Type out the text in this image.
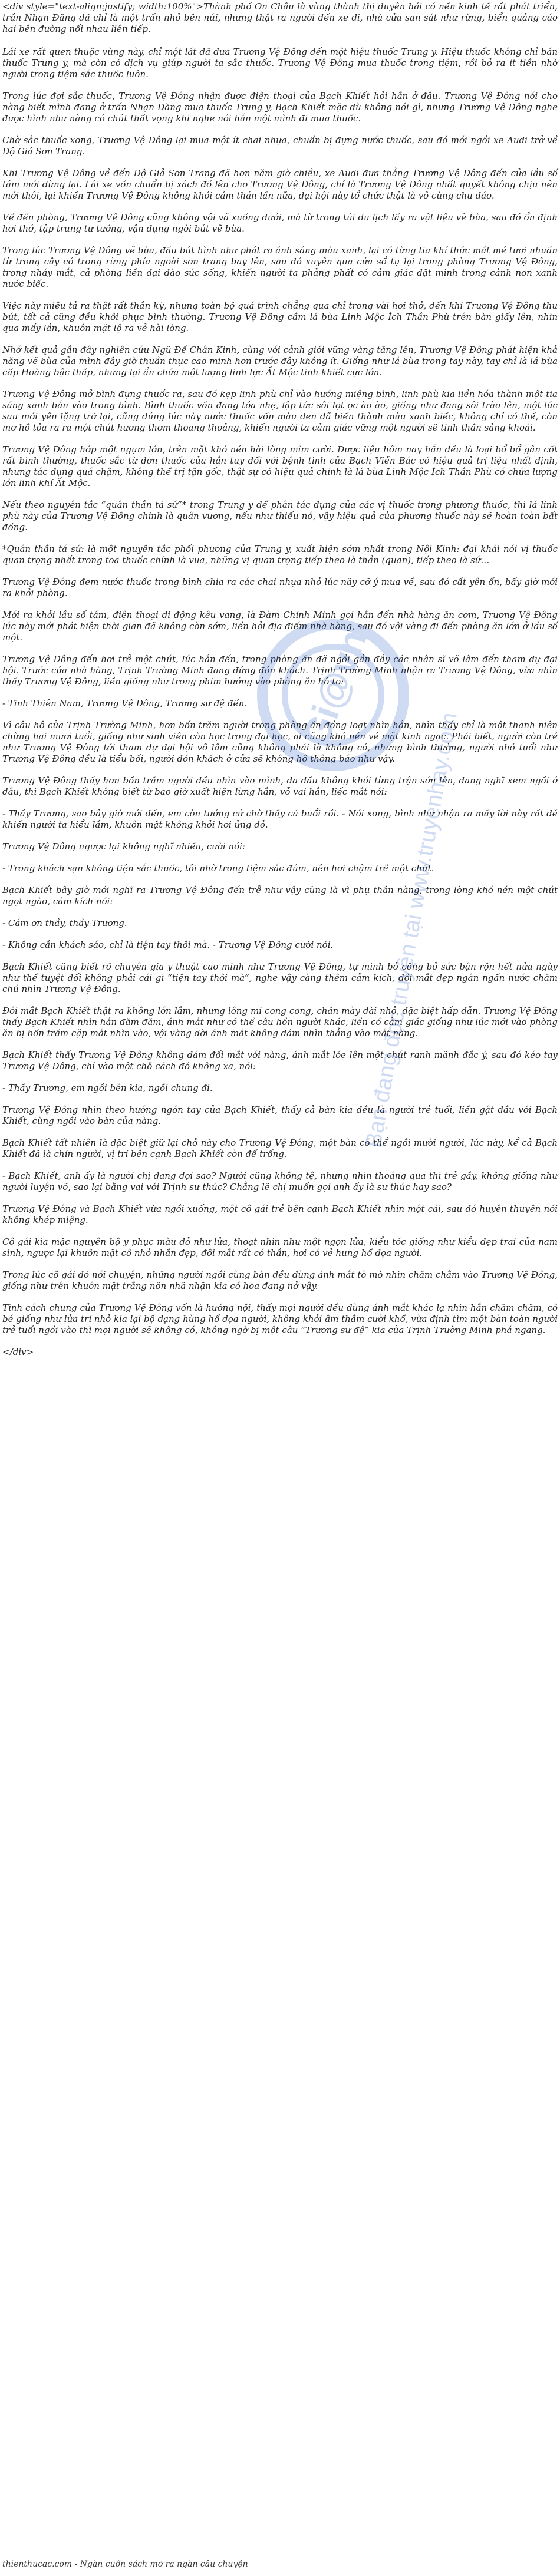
<div style="text-align:justify; width:100%">Thành phố On Châu là vùng thành thị duyên hải có nền kinh tế rất phát triển, trần Nhạn Đăng đã chỉ là một trấn nhỏ bên núi, nhưng thật ra người đến xe đi, nhà cửa san sát như rừng, biển quảng cáo hai bên đường nối nhau liên tiếp.

Lái xe rất quen thuộc vùng này, chỉ một lát đã đưa Trương Vệ Đông đến một hiệu thuốc Trung y. Hiệu thuốc không chỉ bán thuốc Trung y, mà còn có dịch vụ giúp người ta sắc thuốc. Trương Vệ Đông mua thuốc trong tiệm, rồi bỏ ra ít tiền nhờ người trong tiệm sắc thuốc luôn.

Trong lúc đợi sắc thuốc, Trương Vệ Đông nhận được điện thoại của Bạch Khiết hỏi hắn ở đâu. Trương Vệ Đông nói cho nàng biết mình đang ở trấn Nhạn Đăng mua thuốc Trung y, Bạch Khiết mặc dù không nói gì, nhưng Trương Vệ Đông nghe được hình như nàng có chút thất vọng khi nghe nói hắn một mình đi mua thuốc.

Chờ sắc thuốc xong, Trương Vệ Đông lại mua một ít chai nhựa, chuẩn bị đựng nước thuốc, sau đó mới ngồi xe Audi trở về Độ Giả Sơn Trang.

Khi Trương Vệ Đông về đến Độ Giả Sơn Trang đã hơn năm giờ chiều, xe Audi đưa thẳng Trương Vệ Đông đến cửa lầu số tám mới dừng lại. Lái xe vốn chuẩn bị xách đồ lên cho Trương Vệ Đông, chỉ là Trương Vệ Đông nhất quyết không chịu nên mới thôi, lại khiến Trương Vệ Đông không khỏi cảm thán lần nữa, đại hội này tổ chức thật là vô cùng chu đáo.

Về đến phòng, Trương Vệ Đông cũng không vội vã xuống dưới, mà từ trong túi du lịch lấy ra vật liệu vẽ bùa, sau đó ổn định hơi thở, tập trung tư tưởng, vận dụng ngòi bút vẽ bùa.

Trong lúc Trương Vệ Đông vẽ bùa, đầu bút hình như phát ra ánh sáng màu xanh, lại có từng tia khí thức mát mẻ tươi nhuần từ trong cây có trong rừng phía ngoài sơn trang bay lên, sau đó xuyên qua cửa sổ tụ lại trong phòng Trương Vệ Đông, trong nháy mắt, cả phòng liền đại đào sức sống, khiến người ta phảng phất có cảm giác đặt mình trong cảnh non xanh nước biếc.

Việc này miêu tả ra thật rất thần kỳ, nhưng toàn bộ quá trình chẳng qua chỉ trong vài hơi thở, đến khi Trương Vệ Đông thu bút, tất cả cũng đều khôi phục bình thường. Trương Vệ Đông cầm lá bùa Linh Mộc Ích Thần Phù trên bàn giấy lên, nhìn qua mấy lần, khuôn mặt lộ ra vẻ hài lòng.

Nhớ kết quả gần đây nghiên cứu Ngũ Đế Chân Kinh, cùng với cảnh giới vững vàng tăng lên, Trương Vệ Đông phát hiện khả năng vẽ bùa của mình đây giờ thuần thục cao minh hơn trước đây không ít. Giống như lá bùa trong tay này, tay chỉ là lá bùa cấp Hoàng bậc thấp, nhưng lại ẩn chứa một lượng linh lực Ất Mộc tinh khiết cực lớn.

Trương Vệ Đông mở bình đựng thuốc ra, sau đó kẹp linh phù chỉ vào hướng miệng bình, linh phù kia liền hóa thành một tia sáng xanh bắn vào trong bình. Bình thuốc vốn đang tỏa nhẹ, lập tức sôi lọt ọc ào ào, giống như đang sôi trào lên, một lúc sau mới yên lặng trở lại, cũng đúng lúc này nước thuốc vốn màu đen đã biến thành màu xanh biếc, không chỉ có thế, còn mơ hồ tỏa ra ra một chút hương thơm thoang thoảng, khiến người ta cảm giác vững một người sẽ tinh thần sảng khoái.

Trương Vệ Đông hớp một ngụm lớn, trên mặt khó nén hài lòng mỉm cười. Được liệu hôm nay hắn đều là loại bổ bổ gân cốt rất bình thường, thuốc sắc từ đơn thuốc của hắn tuy đối với bệnh tình của Bạch Viễn Bác có hiệu quả trị liệu nhất định, nhưng tác dụng quá chậm, không thể trị tận gốc, thật sự có hiệu quả chính là lá bùa Linh Mộc Ích Thần Phù có chứa lượng lớn linh khí Ất Mộc.

Nếu theo nguyên tắc “quân thần tá sứ”* trong Trung y để phân tác dụng của các vị thuốc trong phương thuốc, thì lá linh phù này của Trương Vệ Đông chính là quân vương, nếu như thiếu nó, vậy hiệu quả của phương thuốc này sẽ hoàn toàn bất đồng.

*Quân thần tá sứ: là một nguyên tắc phối phương của Trung y, xuất hiện sớm nhất trong Nội Kinh: đại khái nói vị thuốc quan trọng nhất trong toa thuốc chính là vua, những vị quan trọng tiếp theo là thần (quan), tiếp theo là sứ…

Trương Vệ Đông đem nước thuốc trong bình chia ra các chai nhựa nhỏ lúc nãy cỡ ý mua về, sau đó cất yên ổn, bấy giờ mới ra khỏi phòng.

Mới ra khỏi lầu số tám, điện thoại di động kêu vang, là Đàm Chính Minh gọi hắn đến nhà hàng ăn cơm, Trương Vệ Đông lúc này mới phát hiện thời gian đã không còn sớm, liền hỏi địa điểm nhà hàng, sau đó vội vàng đi đến phòng ăn lớn ở lầu số một.

Trương Vệ Đông đến hơi trễ một chút, lúc hắn đến, trong phòng ăn đã ngồi gần đầy các nhân sĩ võ lâm đến tham dự đại hội. Trước cửa nhà hàng, Trịnh Trường Minh đang đứng đón khách. Trịnh Trường Minh nhận ra Trương Vệ Đông, vừa nhìn thấy Trương Vệ Đông, liền giống như trong phim hướng vào phòng ăn hô to:

- Tinh Thiên Nam, Trương Vệ Đông, Trương sư đệ đến.

Vì câu hô của Trịnh Trường Minh, hơn bốn trăm người trong phòng ăn đồng loạt nhìn hắn, nhìn thấy chỉ là một thanh niên chừng hai mươi tuổi, giống như sinh viên còn học trong đại học, ai cũng khó nén vẻ mặt kinh ngạc. Phải biết, người còn trẻ như Trương Vệ Đông tới tham dự đại hội võ lâm cũng không phải là không có, nhưng bình thường, người nhỏ tuổi như Trương Vệ Đông đều là tiểu bối, người đón khách ở cửa sẽ không hô thông báo như vậy.

Trương Vệ Đông thấy hơn bốn trăm người đều nhìn vào mình, da đầu không khỏi từng trận sởn lên, đang nghĩ xem ngồi ở đâu, thì Bạch Khiết không biết từ bao giờ xuất hiện lừng hắn, vỗ vai hắn, liếc mắt nói:

- Thầy Trương, sao bây giờ mới đến, em còn tưởng cứ chờ thầy cả buổi rồi. - Nói xong, bình như nhận ra mấy lời này rất dễ khiến người ta hiểu lầm, khuôn mặt không khỏi hơi ửng đỏ.

Trương Vệ Đông ngược lại không nghĩ nhiều, cười nói:

- Trong khách sạn không tiện sắc thuốc, tôi nhờ trong tiệm sắc đúm, nên hơi chậm trễ một chút.

Bạch Khiết bây giờ mới nghĩ ra Trương Vệ Đông đến trễ như vậy cũng là vì phụ thân nàng, trong lòng khó nén một chút ngọt ngào, cảm kích nói:

- Cám ơn thầy, thầy Trương.

- Không cần khách sáo, chỉ là tiện tay thôi mà. - Trương Vệ Đông cười nói.

Bạch Khiết cũng biết rõ chuyên gia y thuật cao minh như Trương Vệ Đông, tự mình bỏ công bỏ sức bận rộn hết nửa ngày như thế tuyệt đối không phải cái gì “tiện tay thôi mà”, nghe vậy càng thêm cảm kích, đôi mắt đẹp ngân ngấn nước chăm chú nhìn Trương Vệ Đông.

Đôi mắt Bạch Khiết thật ra không lớn lắm, nhưng lông mi cong cong, chân mày dài nhỏ, đặc biệt hấp dẫn. Trương Vệ Đông thấy Bạch Khiết nhìn hắn đăm đăm, ánh mắt như có thể câu hồn người khác, liền có cảm giác giống như lúc mới vào phòng ăn bị bốn trăm cặp mắt nhìn vào, vội vàng dời ánh mắt không dám nhìn thẳng vào mắt nàng.

Bạch Khiết thấy Trương Vệ Đông không dám đối mắt với nàng, ánh mắt lóe lên một chút ranh mãnh đắc ý, sau đó kéo tay Trương Vệ Đông, chỉ vào một chỗ cách đó không xa, nói:

- Thầy Trương, em ngồi bên kia, ngồi chung đi.

Trương Vệ Đông nhìn theo hướng ngón tay của Bạch Khiết, thấy cả bàn kia đều là người trẻ tuổi, liền gật đầu với Bạch Khiết, cùng ngồi vào bàn của nàng.

Bạch Khiết tất nhiên là đặc biệt giữ lại chỗ này cho Trương Vệ Đông, một bàn có thể ngồi mười người, lúc này, kể cả Bạch Khiết đã là chín người, vị trí bên cạnh Bạch Khiết còn để trống.

- Bạch Khiết, anh ấy là người chị đang đợi sao? Người cũng không tệ, nhưng nhìn thoáng qua thì trẻ gầy, không giống như người luyện võ, sao lại bằng vai với Trịnh sư thúc? Chẳng lẽ chị muốn gọi anh ấy là sư thúc hay sao?

Trương Vệ Đông và Bạch Khiết vừa ngồi xuống, một cô gái trẻ bên cạnh Bạch Khiết nhìn một cái, sau đó huyên thuyên nói không khép miệng.

Cô gái kia mặc nguyên bộ y phục màu đỏ như lửa, thoạt nhìn như một ngọn lửa, kiểu tóc giống như kiểu đẹp trai của nam sinh, ngược lại khuôn mặt cô nhỏ nhắn đẹp, đôi mắt rất có thần, hơi có vẻ hung hổ dọa người.

Trong lúc cô gái đó nói chuyện, những người ngồi cùng bàn đều dùng ánh mắt tò mò nhìn chăm chằm vào Trương Vệ Đông, giống như trên khuôn mặt trắng nõn nhã nhặn kia có hoa đang nở vậy.

Tình cách chung của Trương Vệ Đông vốn là hướng nội, thấy mọi người đều dùng ánh mắt khác lạ nhìn hắn chăm chăm, cô bé giống như lửa trí nhỏ kia lại bộ dạng hùng hổ dọa người, không khỏi âm thầm cười khổ, vừa định tìm một bàn toàn người trẻ tuổi ngồi vào thì mọi người sẽ không có, không ngờ bị một câu “Trương sư đệ” kia của Trịnh Trường Minh phá ngang.

</div>

Gi@vn
Bạn đang đọc truyện tại www.truyenhay.com
thienthucac.com - Ngàn cuốn sách mở ra ngàn câu chuyện
